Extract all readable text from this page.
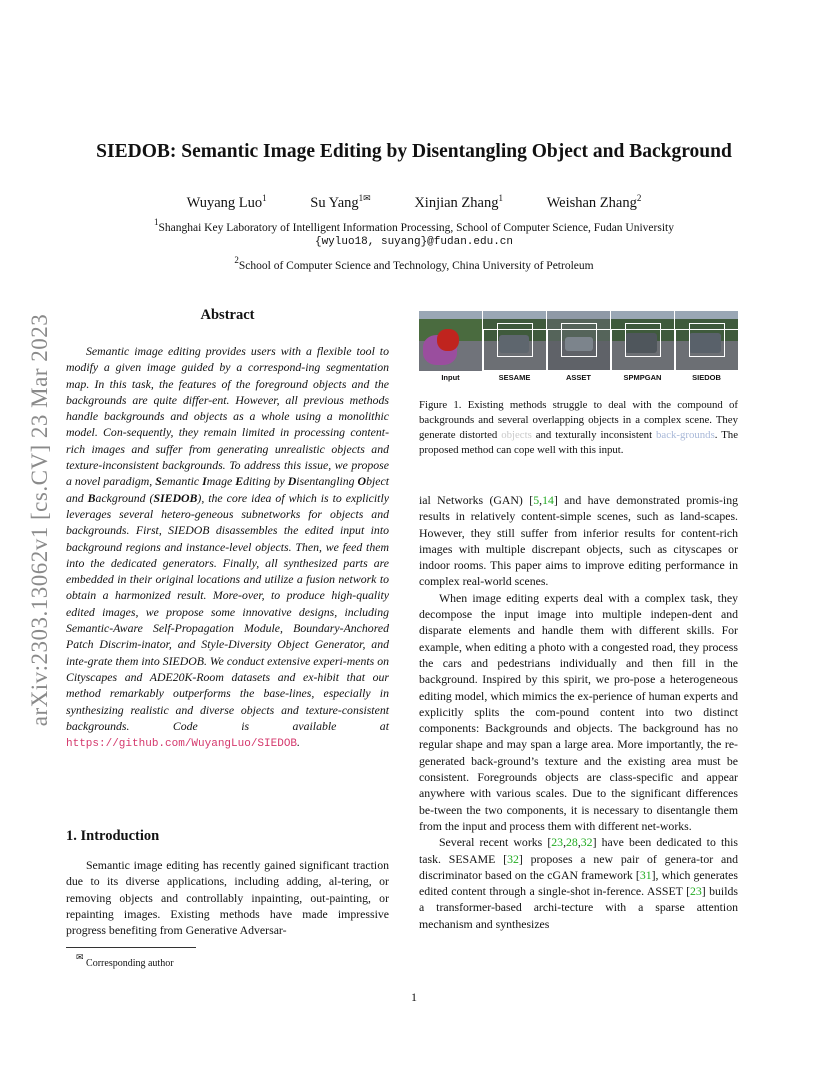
arXiv:2303.13062v1 [cs.CV] 23 Mar 2023
SIEDOB: Semantic Image Editing by Disentangling Object and Background
Wuyang Luo$^1$	Su Yang$^{1✉}$	Xinjian Zhang$^1$	Weishan Zhang$^2$
$^1$Shanghai Key Laboratory of Intelligent Information Processing, School of Computer Science, Fudan University
{wyluo18, suyang}@fudan.edu.cn
$^2$School of Computer Science and Technology, China University of Petroleum
Abstract

Semantic image editing provides users with a flexible tool to modify a given image guided by a correspond-ing segmentation map. In this task, the features of the foreground objects and the backgrounds are quite differ-ent. However, all previous methods handle backgrounds and objects as a whole using a monolithic model. Con-sequently, they remain limited in processing content-rich images and suffer from generating unrealistic objects and texture-inconsistent backgrounds. To address this issue, we propose a novel paradigm, Semantic Image Editing by Disentangling Object and Background (SIEDOB), the core idea of which is to explicitly leverages several hetero-geneous subnetworks for objects and backgrounds. First, SIEDOB disassembles the edited input into background regions and instance-level objects. Then, we feed them into the dedicated generators. Finally, all synthesized parts are embedded in their original locations and utilize a fusion network to obtain a harmonized result. More-over, to produce high-quality edited images, we propose some innovative designs, including Semantic-Aware Self-Propagation Module, Boundary-Anchored Patch Discrim-inator, and Style-Diversity Object Generator, and inte-grate them into SIEDOB. We conduct extensive experi-ments on Cityscapes and ADE20K-Room datasets and ex-hibit that our method remarkably outperforms the base-lines, especially in synthesizing realistic and diverse objects and texture-consistent backgrounds. Code is available at https://github.com/WuyangLuo/SIEDOB.

1. Introduction

Semantic image editing has recently gained significant traction due to its diverse applications, including adding, al-tering, or removing objects and controllably inpainting, out-painting, or repainting images. Existing methods have made impressive progress benefiting from Generative Adversar-

✉ Corresponding author
Input	SESAME	ASSET	SPMPGAN	SIEDOB
Figure 1. Existing methods struggle to deal with the compound of backgrounds and several overlapping objects in a complex scene. They generate distorted objects and texturally inconsistent back-grounds. The proposed method can cope well with this input.

ial Networks (GAN) [5,14] and have demonstrated promis-ing results in relatively content-simple scenes, such as land-scapes. However, they still suffer from inferior results for content-rich images with multiple discrepant objects, such as cityscapes or indoor rooms. This paper aims to improve editing performance in complex real-world scenes.

When image editing experts deal with a complex task, they decompose the input image into multiple indepen-dent and disparate elements and handle them with different skills. For example, when editing a photo with a congested road, they process the cars and pedestrians individually and then fill in the background. Inspired by this spirit, we pro-pose a heterogeneous editing model, which mimics the ex-perience of human experts and explicitly splits the com-pound content into two distinct components: Backgrounds and objects. The background has no regular shape and may span a large area. More importantly, the re-generated back-ground’s texture and the existing area must be consistent. Foregrounds objects are class-specific and appear anywhere with various scales. Due to the significant differences be-tween the two components, it is necessary to disentangle them from the input and process them with different net-works.

Several recent works [23,28,32] have been dedicated to this task. SESAME [32] proposes a new pair of genera-tor and discriminator based on the cGAN framework [31], which generates edited content through a single-shot in-ference. ASSET [23] builds a transformer-based archi-tecture with a sparse attention mechanism and synthesizes

1
